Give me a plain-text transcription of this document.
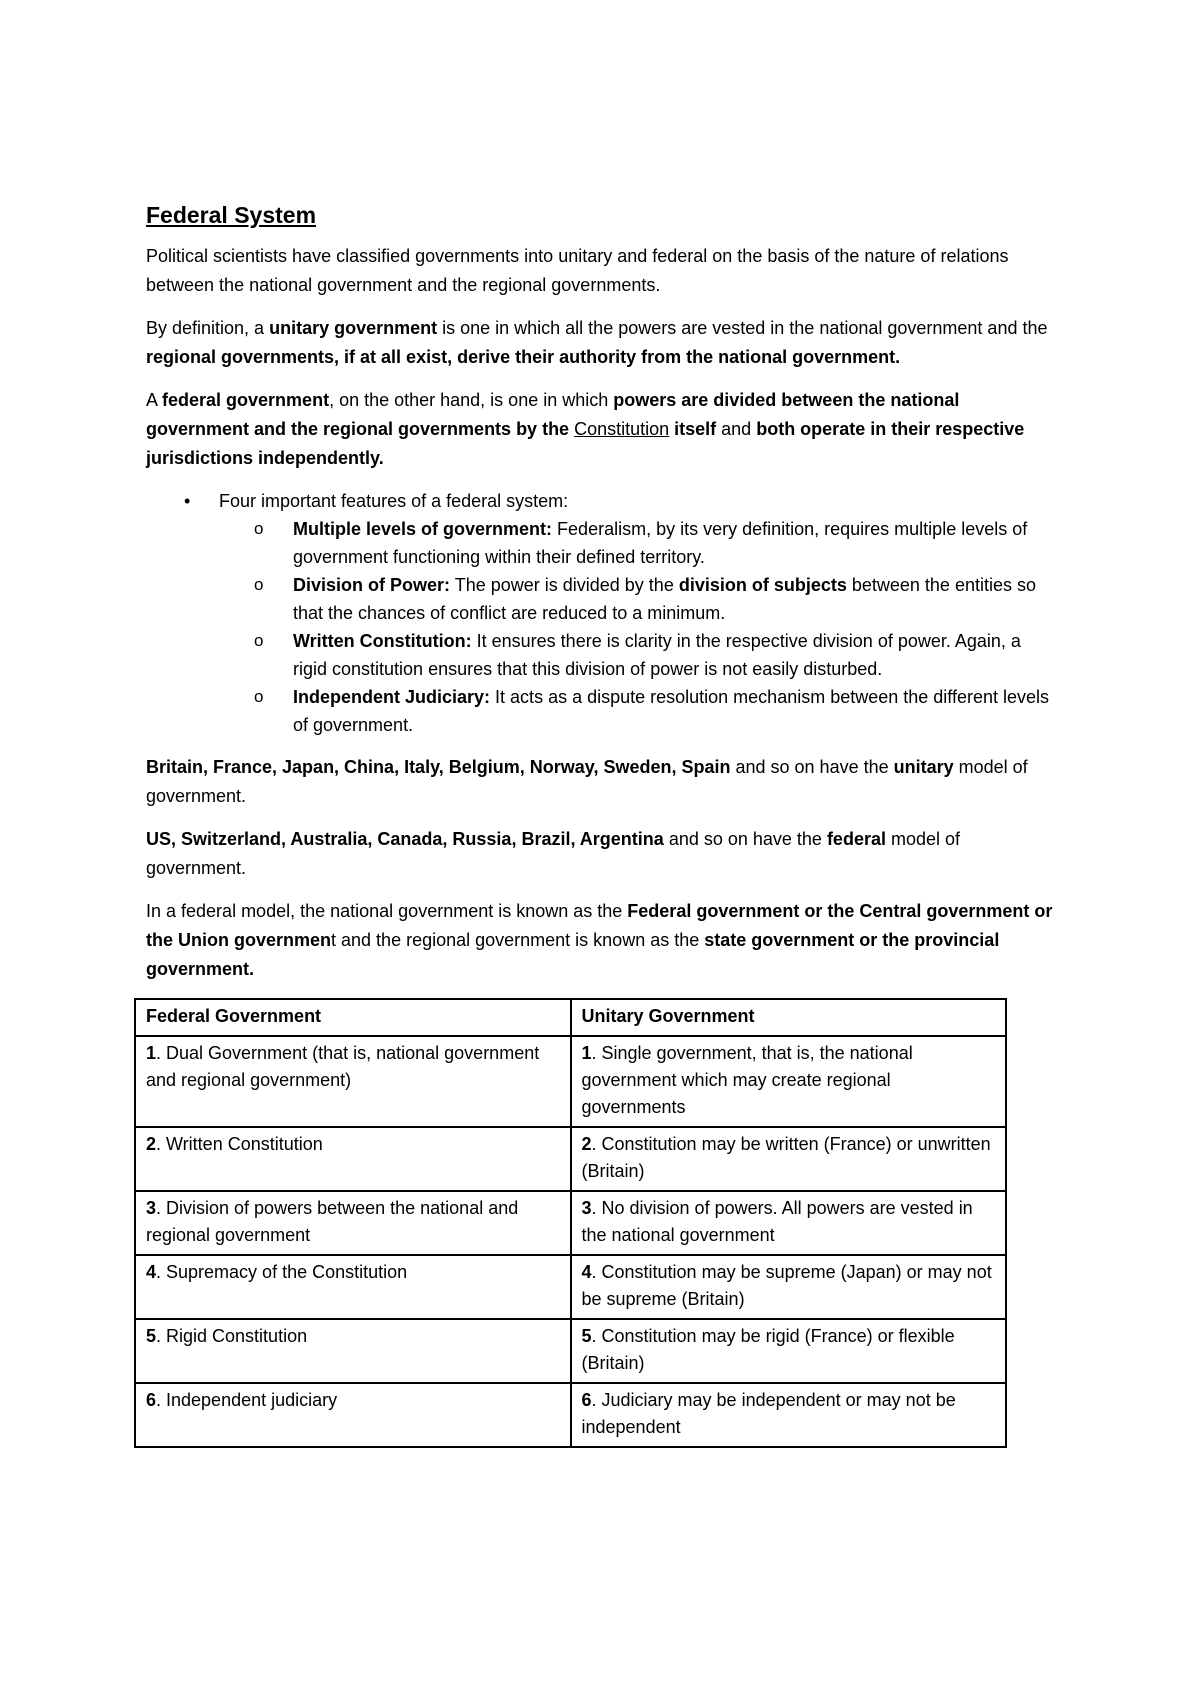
Federal System

Political scientists have classified governments into unitary and federal on the basis of the nature of relations between the national government and the regional governments.

By definition, a unitary government is one in which all the powers are vested in the national government and the regional governments, if at all exist, derive their authority from the national government.

A federal government, on the other hand, is one in which powers are divided between the national government and the regional governments by the Constitution itself and both operate in their respective jurisdictions independently.

• Four important features of a federal system:
o Multiple levels of government: Federalism, by its very definition, requires multiple levels of government functioning within their defined territory.
o Division of Power: The power is divided by the division of subjects between the entities so that the chances of conflict are reduced to a minimum.
o Written Constitution: It ensures there is clarity in the respective division of power. Again, a rigid constitution ensures that this division of power is not easily disturbed.
o Independent Judiciary: It acts as a dispute resolution mechanism between the different levels of government.

Britain, France, Japan, China, Italy, Belgium, Norway, Sweden, Spain and so on have the unitary model of government.

US, Switzerland, Australia, Canada, Russia, Brazil, Argentina and so on have the federal model of government.

In a federal model, the national government is known as the Federal government or the Central government or the Union government and the regional government is known as the state government or the provincial government.

Federal Government	Unitary Government
1. Dual Government (that is, national government and regional government)	1. Single government, that is, the national government which may create regional governments
2. Written Constitution	2. Constitution may be written (France) or unwritten (Britain)
3. Division of powers between the national and regional government	3. No division of powers. All powers are vested in the national government
4. Supremacy of the Constitution	4. Constitution may be supreme (Japan) or may not be supreme (Britain)
5. Rigid Constitution	5. Constitution may be rigid (France) or flexible (Britain)
6. Independent judiciary	6. Judiciary may be independent or may not be independent
